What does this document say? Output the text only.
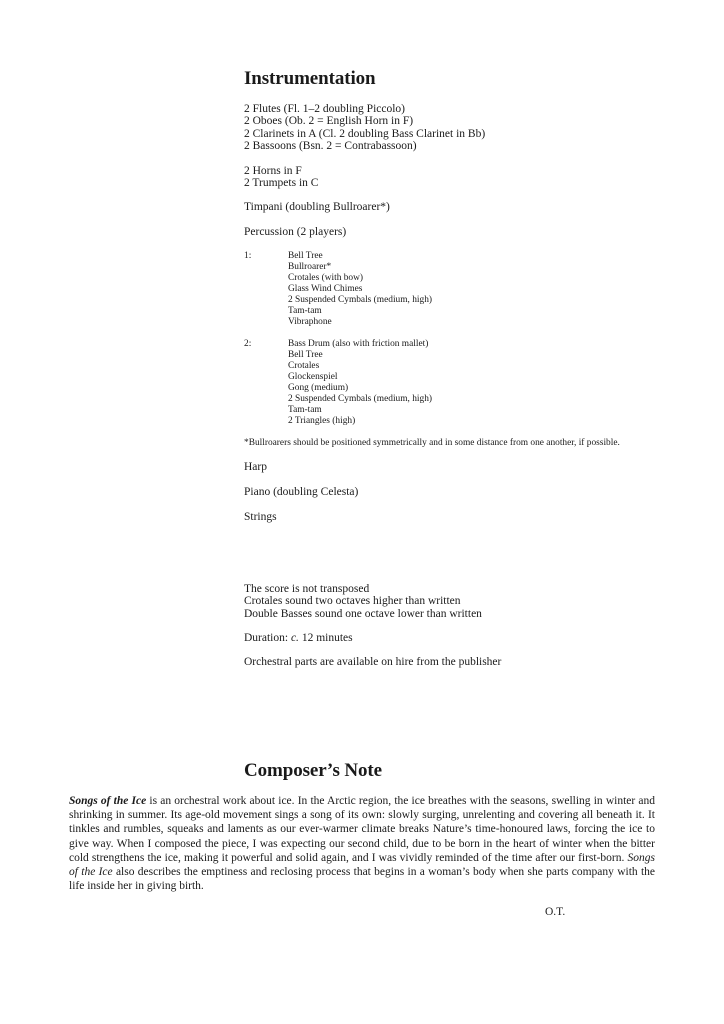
Instrumentation
2 Flutes (Fl. 1–2 doubling Piccolo)
2 Oboes (Ob. 2 = English Horn in F)
2 Clarinets in A (Cl. 2 doubling Bass Clarinet in Bb)
2 Bassoons (Bsn. 2 = Contrabassoon)
2 Horns in F
2 Trumpets in C
Timpani (doubling Bullroarer*)
Percussion (2 players)
1:	Bell Tree
Bullroarer*
Crotales (with bow)
Glass Wind Chimes
2 Suspended Cymbals (medium, high)
Tam-tam
Vibraphone
2:	Bass Drum (also with friction mallet)
Bell Tree
Crotales
Glockenspiel
Gong (medium)
2 Suspended Cymbals (medium, high)
Tam-tam
2 Triangles (high)
*Bullroarers should be positioned symmetrically and in some distance from one another, if possible.
Harp
Piano (doubling Celesta)
Strings
The score is not transposed
Crotales sound two octaves higher than written
Double Basses sound one octave lower than written
Duration: c. 12 minutes
Orchestral parts are available on hire from the publisher
Composer’s Note
Songs of the Ice is an orchestral work about ice. In the Arctic region, the ice breathes with the seasons, swelling in winter and shrinking in summer. Its age-old movement sings a song of its own: slowly surging, unrelenting and covering all beneath it. It tinkles and rumbles, squeaks and laments as our ever-warmer climate breaks Nature’s time-honoured laws, forcing the ice to give way. When I composed the piece, I was expecting our second child, due to be born in the heart of winter when the bitter cold strengthens the ice, making it powerful and solid again, and I was vividly reminded of the time after our first-born. Songs of the Ice also describes the emptiness and reclosing process that begins in a woman’s body when she parts company with the life inside her in giving birth.
O.T.
